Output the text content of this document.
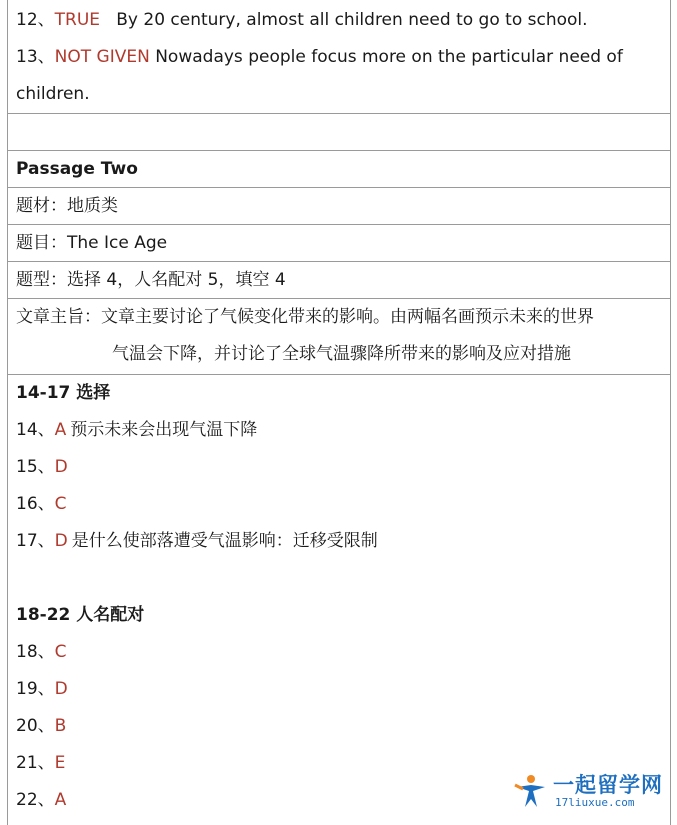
12、TRUE By 20 century, almost all children need to go to school.
13、NOT GIVEN Nowadays people focus more on the particular need of
children.
Passage Two
题材：地质类
题目：The Ice Age
题型：选择 4，人名配对 5，填空 4
文章主旨：文章主要讨论了气候变化带来的影响。由两幅名画预示未来的世界
气温会下降，并讨论了全球气温骤降所带来的影响及应对措施
14-17 选择
14、A 预示未来会出现气温下降
15、D
16、C
17、D 是什么使部落遭受气温影响：迁移受限制

18-22 人名配对
18、C
19、D
20、B
21、E
22、A
一起留学网
17liuxue.com
